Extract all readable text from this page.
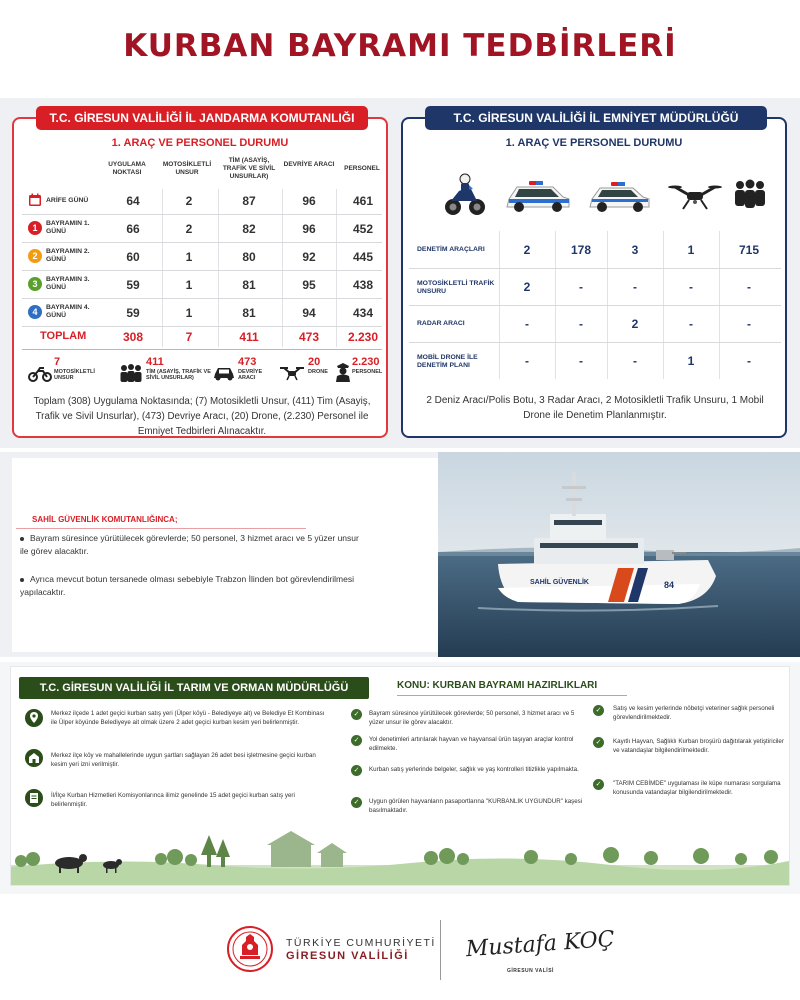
KURBAN BAYRAMI TEDBİRLERİ
T.C. GİRESUN VALİLİĞİ İL JANDARMA KOMUTANLIĞI
1. ARAÇ VE PERSONEL DURUMU
UYGULAMA NOKTASI
MOTOSİKLETLİ UNSUR
TİM (ASAYİŞ, TRAFİK VE SİVİL UNSURLAR)
DEVRİYE ARACI
PERSONEL
ARİFE GÜNÜ	64	2	87	96	461
1	BAYRAMIN 1. GÜNÜ	66	2	82	96	452
2	BAYRAMIN 2. GÜNÜ	60	1	80	92	445
3	BAYRAMIN 3. GÜNÜ	59	1	81	95	438
4	BAYRAMIN 4. GÜNÜ	59	1	81	94	434
TOPLAM	308	7	411	473	2.230
7
MOTOSİKLETLİ UNSUR
411
TİM (ASAYİŞ, TRAFİK VE SİVİL UNSURLAR)
473
DEVRİYE ARACI
20
DRONE
2.230
PERSONEL
Toplam (308) Uygulama Noktasında; (7) Motosikletli Unsur, (411) Tim (Asayiş, Trafik ve Sivil Unsurlar), (473) Devriye Aracı, (20) Drone, (2.230) Personel ile Emniyet Tedbirleri Alınacaktır.
T.C. GİRESUN VALİLİĞİ İL EMNİYET MÜDÜRLÜĞÜ
1. ARAÇ VE PERSONEL DURUMU
DENETİM ARAÇLARI	2	178	3	1	715
MOTOSİKLETLİ TRAFİK UNSURU	2	-	-	-	-
RADAR ARACI	-	-	2	-	-
MOBİL DRONE İLE DENETİM PLANI	-	-	-	1	-
2 Deniz Aracı/Polis Botu, 3 Radar Aracı, 2 Motosikletli Trafik Unsuru, 1 Mobil Drone ile Denetim Planlanmıştır.
SAHİL GÜVENLİK KOMUTANLIĞINCA;
Bayram süresince yürütülecek görevlerde; 50 personel, 3 hizmet aracı ve 5 yüzer unsur ile görev alacaktır.
Ayrıca mevcut botun tersanede olması sebebiyle Trabzon İlinden bot görevlendirilmesi yapılacaktır.
SAHİL GÜVENLİK	84
T.C. GİRESUN VALİLİĞİ İL TARIM VE ORMAN MÜDÜRLÜĞÜ	KONU: KURBAN BAYRAMI HAZIRLIKLARI
Merkez ilçede 1 adet geçici kurban satış yeri (Ülper köyü - Belediyeye ait) ve Belediye Et Kombinası ile Ülper köyünde Belediyeye ait olmak üzere 2 adet geçici kurban kesim yeri belirlenmiştir.
Merkez ilçe köy ve mahallelerinde uygun şartları sağlayan 26 adet besi işletmesine geçici kurban kesim yeri izni verilmiştir.
İl/İlçe Kurban Hizmetleri Komisyonlarınca ilimiz genelinde 15 adet geçici kurban satış yeri belirlenmiştir.
✓	Bayram süresince yürütülecek görevlerde; 50 personel, 3 hizmet aracı ve 5 yüzer unsur ile görev alacaktır.
✓	Yol denetimleri artırılarak hayvan ve hayvansal ürün taşıyan araçlar kontrol edilmekte.
✓	Kurban satış yerlerinde belgeler, sağlık ve yaş kontrolleri titizlikle yapılmakta.
✓	Uygun görülen hayvanların pasaportlarına "KURBANLIK UYGUNDUR" kaşesi basılmaktadır.
✓	Satış ve kesim yerlerinde nöbetçi veteriner sağlık personeli görevlendirilmektedir.
✓	Kayıtlı Hayvan, Sağlıklı Kurban broşürü dağıtılarak yetiştiriciler ve vatandaşlar bilgilendirilmektedir.
✓	"TARIM CEBİMDE" uygulaması ile küpe numarası sorgulama konusunda vatandaşlar bilgilendirilmektedir.
TÜRKİYE CUMHURİYETİ
GİRESUN VALİLİĞİ	Mustafa KOÇ
GİRESUN VALİSİ
